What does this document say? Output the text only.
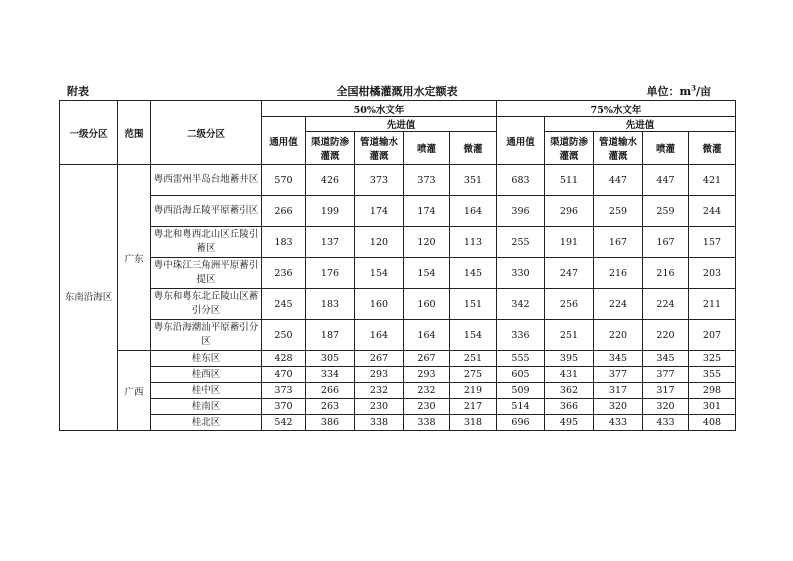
附表	全国柑橘灌溉用水定额表	单位：$m^3/$亩
一级分区	范围	二级分区	50%水文年					75%水文年				
			通用值	先进值				通用值	先进值			
				渠道防渗灌溉	管道输水灌溉	喷灌	微灌		渠道防渗灌溉	管道输水灌溉	喷灌	微灌
东南沿海区	广东	粤西雷州半岛台地蓄井区	570	426	373	373	351	683	511	447	447	421
		粤西沿海丘陵平原蓄引区	266	199	174	174	164	396	296	259	259	244
		粤北和粤西北山区丘陵引蓄区	183	137	120	120	113	255	191	167	167	157
		粤中珠江三角洲平原蓄引提区	236	176	154	154	145	330	247	216	216	203
		粤东和粤东北丘陵山区蓄引分区	245	183	160	160	151	342	256	224	224	211
		粤东沿海潮汕平原蓄引分区	250	187	164	164	154	336	251	220	220	207
	广西	桂东区	428	305	267	267	251	555	395	345	345	325
		桂西区	470	334	293	293	275	605	431	377	377	355
		桂中区	373	266	232	232	219	509	362	317	317	298
		桂南区	370	263	230	230	217	514	366	320	320	301
		桂北区	542	386	338	338	318	696	495	433	433	408
